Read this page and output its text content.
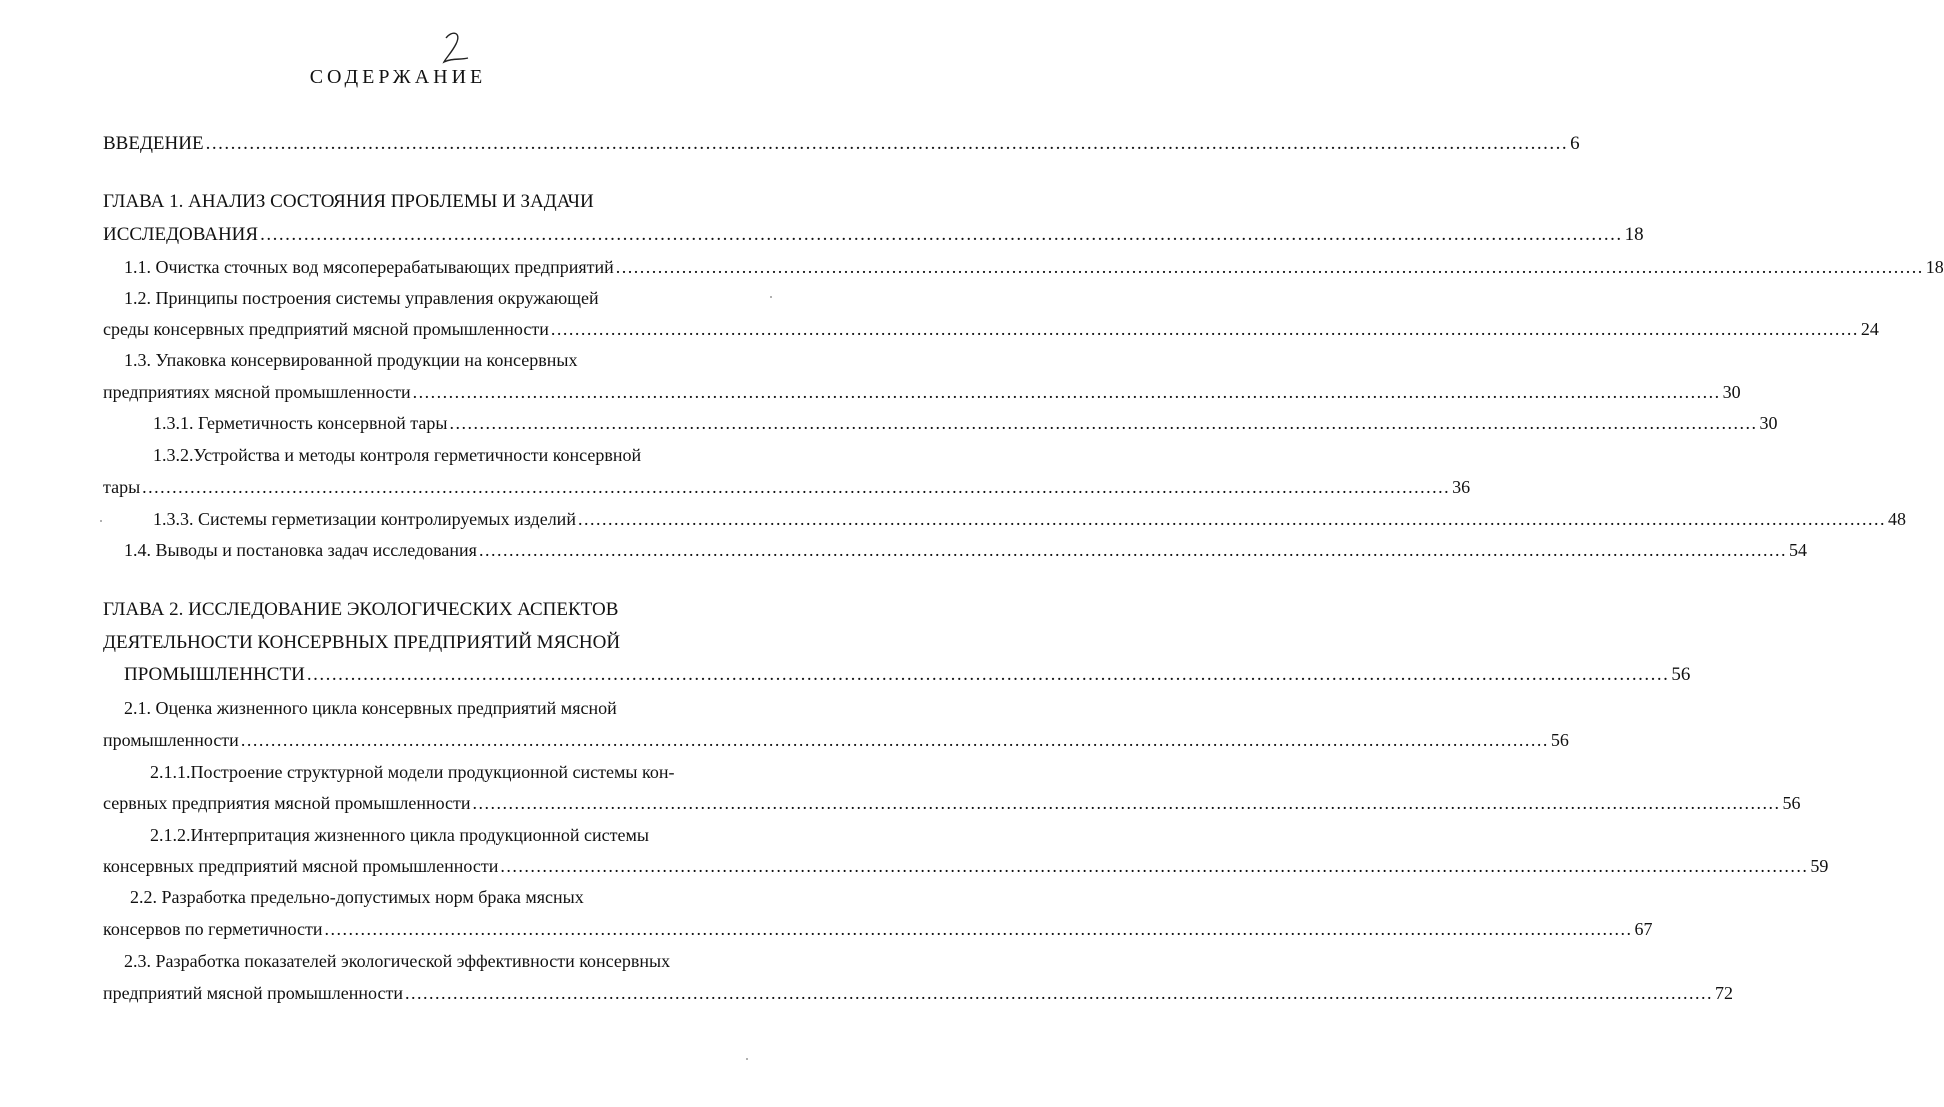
СОДЕРЖАНИЕ
ВВЕДЕНИЕ .......................................................................................................................................................................................................................... 6
ГЛАВА 1. АНАЛИЗ СОСТОЯНИЯ ПРОБЛЕМЫ И ЗАДАЧИ
ИССЛЕДОВАНИЯ .......................................................................................................................................................................................................................... 18
1.1. Очистка сточных вод мясоперерабатывающих предприятий .......................................................................................................................................................................................................................... 18
1.2. Принципы построения системы управления окружающей
среды консервных предприятий мясной промышленности .......................................................................................................................................................................................................................... 24
1.3. Упаковка консервированной продукции на консервных
предприятиях мясной промышленности .......................................................................................................................................................................................................................... 30
1.3.1. Герметичность консервной тары .......................................................................................................................................................................................................................... 30
1.3.2.Устройства и методы контроля герметичности консервной
тары .......................................................................................................................................................................................................................... 36
1.3.3. Системы герметизации контролируемых изделий .......................................................................................................................................................................................................................... 48
1.4. Выводы и постановка задач исследования .......................................................................................................................................................................................................................... 54
ГЛАВА 2. ИССЛЕДОВАНИЕ ЭКОЛОГИЧЕСКИХ АСПЕКТОВ
ДЕЯТЕЛЬНОСТИ КОНСЕРВНЫХ ПРЕДПРИЯТИЙ МЯСНОЙ
ПРОМЫШЛЕННСТИ .......................................................................................................................................................................................................................... 56
2.1. Оценка жизненного цикла консервных предприятий мясной
промышленности .......................................................................................................................................................................................................................... 56
2.1.1.Построение структурной модели продукционной системы кон-
сервных предприятия мясной промышленности .......................................................................................................................................................................................................................... 56
2.1.2.Интерпритация жизненного цикла продукционной системы
консервных предприятий мясной промышленности .......................................................................................................................................................................................................................... 59
2.2. Разработка предельно-допустимых норм брака мясных
консервов по герметичности .......................................................................................................................................................................................................................... 67
2.3. Разработка показателей экологической эффективности консервных
предприятий мясной промышленности .......................................................................................................................................................................................................................... 72
